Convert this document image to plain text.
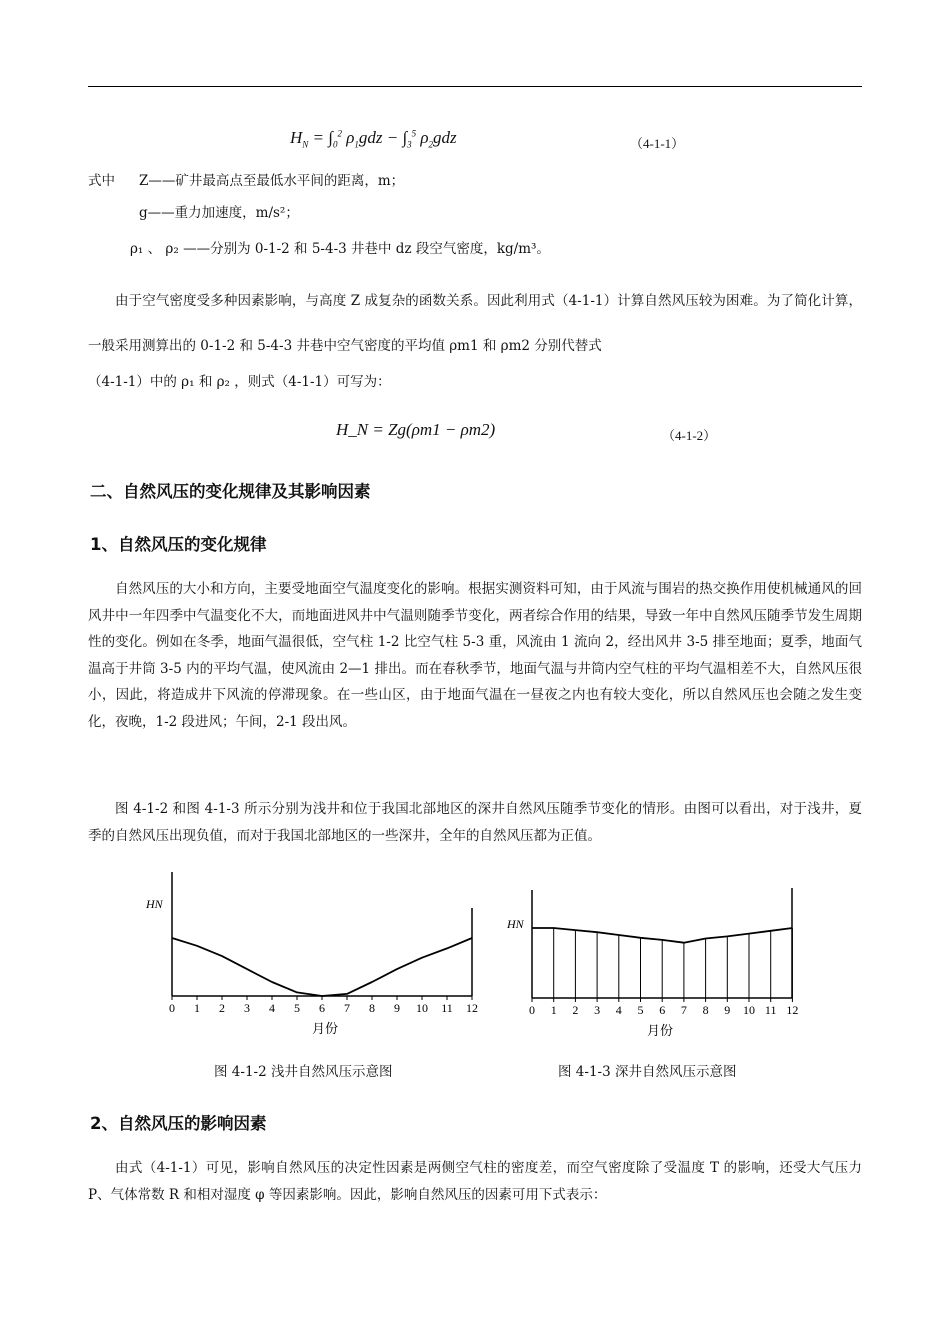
$H_N = \int_0^2$ $\rho_1gdz - \int_3^5$ $\rho_2gdz$	（4-1-1）
式中 Z——矿井最高点至最低水平间的距离，m；
g——重力加速度，m/s²；
ρ₁ 、 ρ₂ ——分别为 0-1-2 和 5-4-3 井巷中 dz 段空气密度，kg/m³。
由于空气密度受多种因素影响，与高度 Z 成复杂的函数关系。因此利用式（4-1-1）计算自然风压较为困难。为了简化计算，一般采用测算出的 0-1-2 和 5-4-3 井巷中空气密度的平均值 ρm1 和 ρm2 分别代替式
（4-1-1）中的 ρ₁ 和 ρ₂ ，则式（4-1-1）可写为：
H_N = Zg(ρm1 − ρm2)	（4-1-2）
二、自然风压的变化规律及其影响因素
1、自然风压的变化规律
自然风压的大小和方向，主要受地面空气温度变化的影响。根据实测资料可知，由于风流与围岩的热交换作用使机械通风的回风井中一年四季中气温变化不大，而地面进风井中气温则随季节变化，两者综合作用的结果，导致一年中自然风压随季节发生周期性的变化。例如在冬季，地面气温很低，空气柱 1-2 比空气柱 5-3 重，风流由 1 流向 2，经出风井 3-5 排至地面；夏季，地面气温高于井筒 3-5 内的平均气温，使风流由 2—1 排出。而在春秋季节，地面气温与井筒内空气柱的平均气温相差不大，自然风压很小，因此，将造成井下风流的停滞现象。在一些山区，由于地面气温在一昼夜之内也有较大变化，所以自然风压也会随之发生变化，夜晚，1-2 段进风；午间，2-1 段出风。
图 4-1-2 和图 4-1-3 所示分别为浅井和位于我国北部地区的深井自然风压随季节变化的情形。由图可以看出，对于浅井，夏季的自然风压出现负值，而对于我国北部地区的一些深井，全年的自然风压都为正值。
HN
月份
0 1 2 3 4 5 6 7 8 9 10 11 12
HN
月份
0 1 2 3 4 5 6 7 8 9 10 11 12
图 4-1-2 浅井自然风压示意图	图 4-1-3 深井自然风压示意图
2、自然风压的影响因素
由式（4-1-1）可见，影响自然风压的决定性因素是两侧空气柱的密度差，而空气密度除了受温度 T 的影响，还受大气压力 P、气体常数 R 和相对湿度 φ 等因素影响。因此，影响自然风压的因素可用下式表示：
